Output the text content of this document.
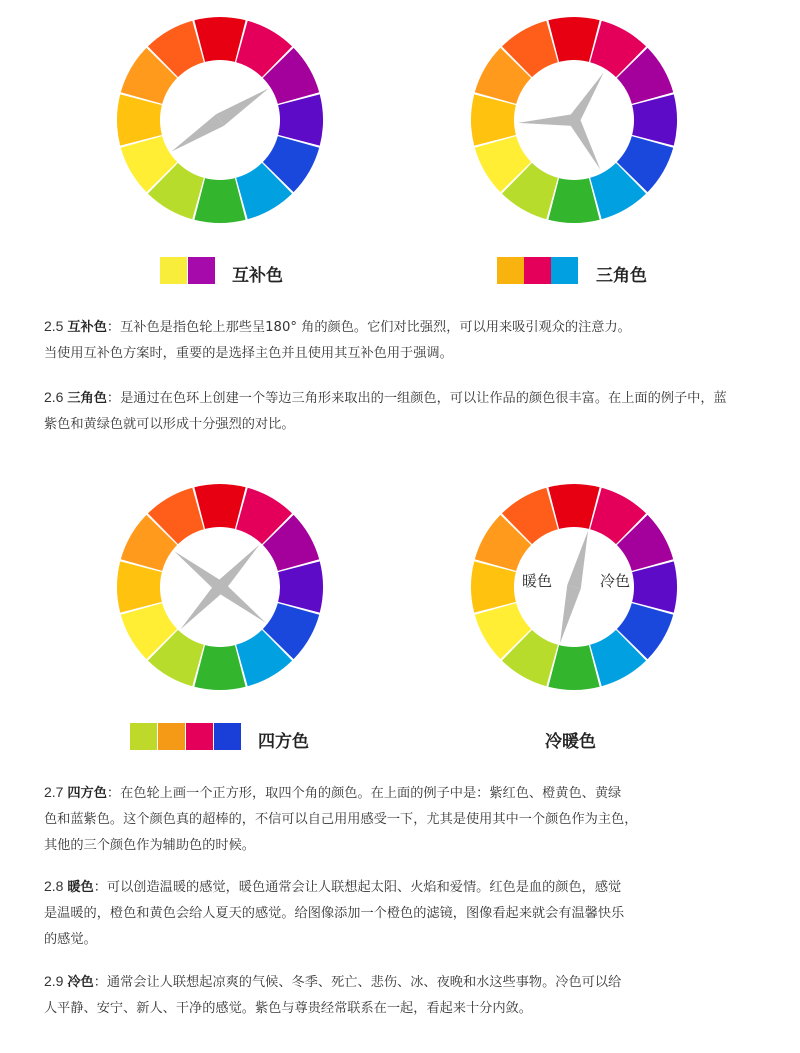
暖色	冷色
互补色	三角色
2.5 互补色：互补色是指色轮上那些呈180° 角的颜色。它们对比强烈，可以用来吸引观众的注意力。
当使用互补色方案时，重要的是选择主色并且使用其互补色用于强调。
2.6 三角色：是通过在色环上创建一个等边三角形来取出的一组颜色，可以让作品的颜色很丰富。在上面的例子中，蓝
紫色和黄绿色就可以形成十分强烈的对比。
四方色	冷暖色
2.7 四方色：在色轮上画一个正方形，取四个角的颜色。在上面的例子中是：紫红色、橙黄色、黄绿
色和蓝紫色。这个颜色真的超棒的，不信可以自己用用感受一下，尤其是使用其中一个颜色作为主色，
其他的三个颜色作为辅助色的时候。
2.8 暖色：可以创造温暖的感觉，暖色通常会让人联想起太阳、火焰和爱情。红色是血的颜色，感觉
是温暖的，橙色和黄色会给人夏天的感觉。给图像添加一个橙色的滤镜，图像看起来就会有温馨快乐
的感觉。
2.9 冷色：通常会让人联想起凉爽的气候、冬季、死亡、悲伤、冰、夜晚和水这些事物。冷色可以给
人平静、安宁、新人、干净的感觉。紫色与尊贵经常联系在一起，看起来十分内敛。
